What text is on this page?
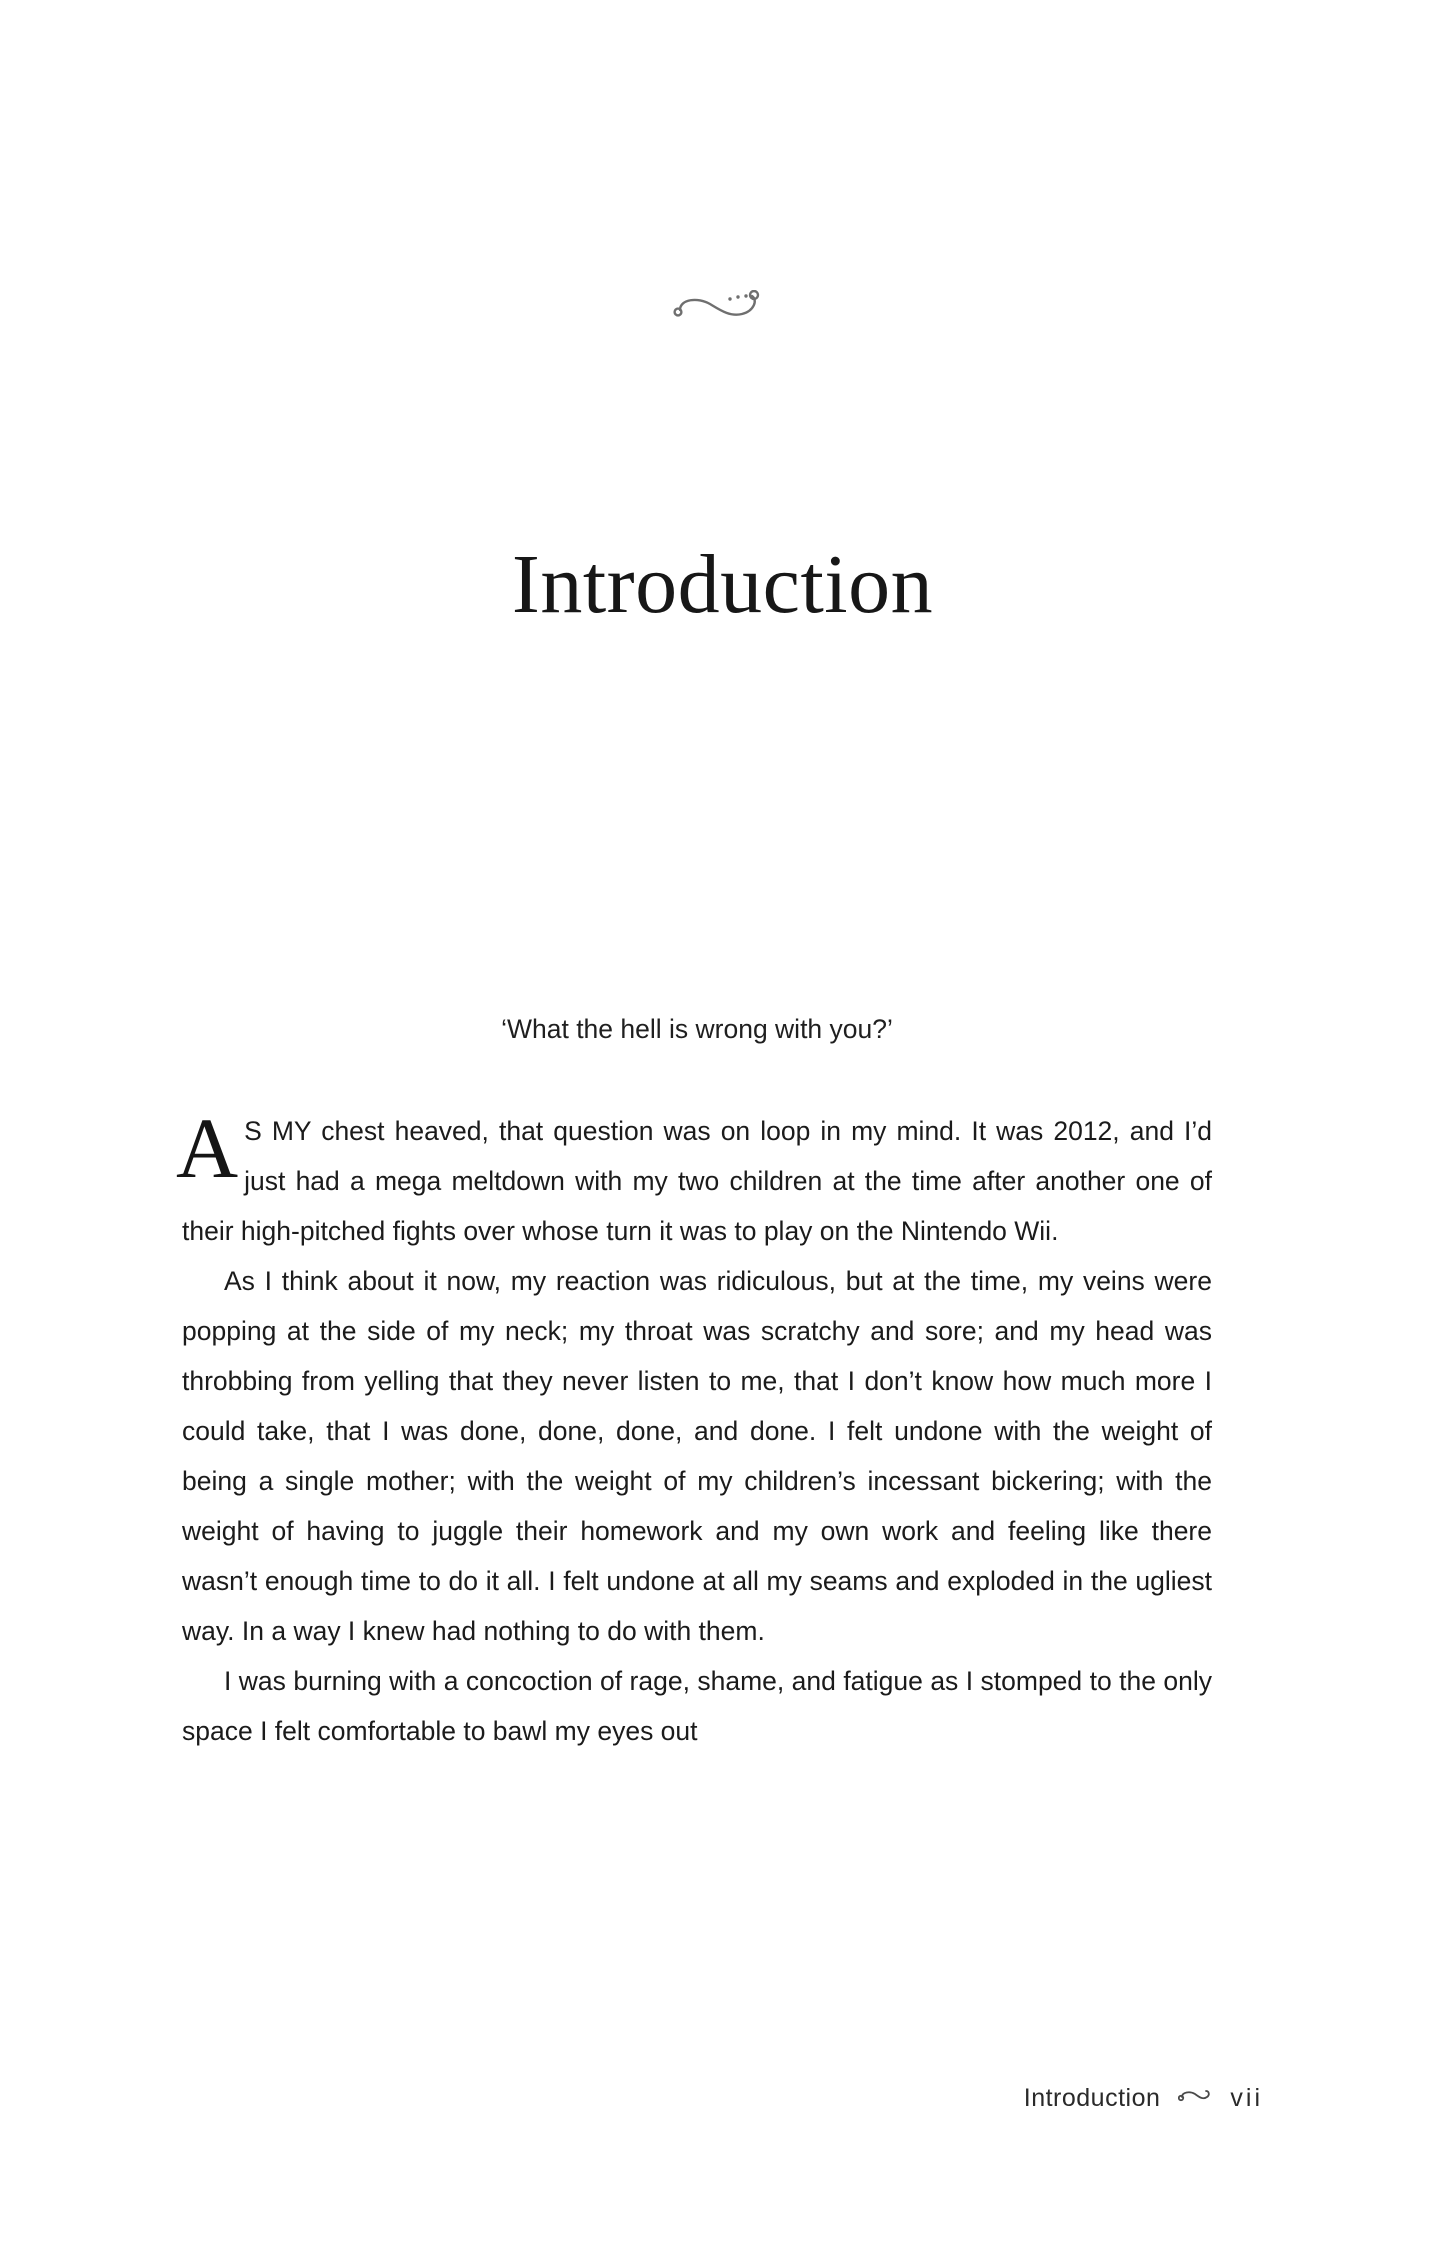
Introduction
‘What the hell is wrong with you?’

A S MY chest heaved, that question was on loop in my mind. It was 2012, and I’d just had a mega meltdown with my two children at the time after another one of their high-pitched fights over whose turn it was to play on the Nintendo Wii.

As I think about it now, my reaction was ridiculous, but at the time, my veins were popping at the side of my neck; my throat was scratchy and sore; and my head was throbbing from yelling that they never listen to me, that I don’t know how much more I could take, that I was done, done, done, and done. I felt undone with the weight of being a single mother; with the weight of my children’s incessant bickering; with the weight of having to juggle their homework and my own work and feeling like there wasn’t enough time to do it all. I felt undone at all my seams and exploded in the ugliest way. In a way I knew had nothing to do with them.

I was burning with a concoction of rage, shame, and fatigue as I stomped to the only space I felt comfortable to bawl my eyes out

Introduction	vii
